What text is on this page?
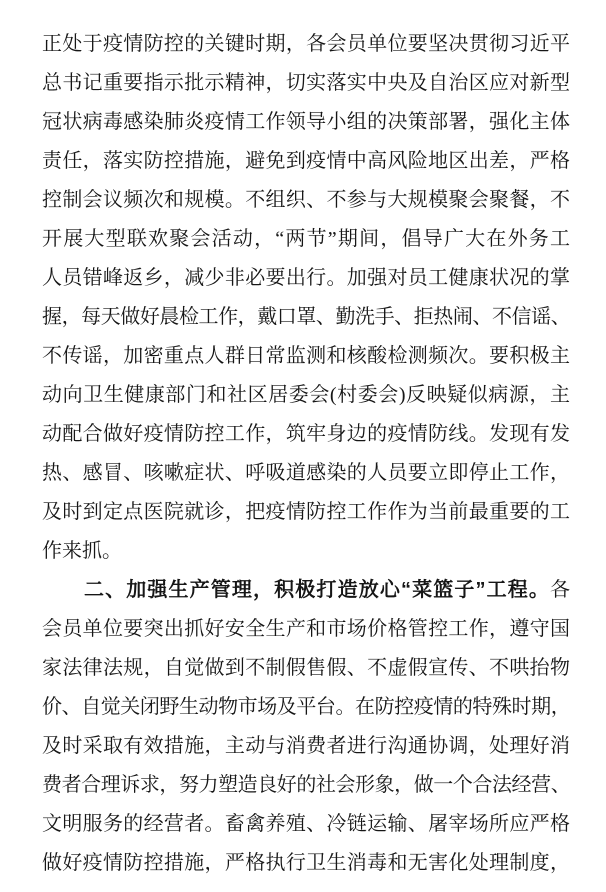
正处于疫情防控的关键时期，各会员单位要坚决贯彻习近平
总书记重要指示批示精神，切实落实中央及自治区应对新型
冠状病毒感染肺炎疫情工作领导小组的决策部署，强化主体
责任，落实防控措施，避免到疫情中高风险地区出差，严格
控制会议频次和规模。不组织、不参与大规模聚会聚餐，不
开展大型联欢聚会活动，“两节”期间，倡导广大在外务工
人员错峰返乡，减少非必要出行。加强对员工健康状况的掌
握，每天做好晨检工作，戴口罩、勤洗手、拒热闹、不信谣、
不传谣，加密重点人群日常监测和核酸检测频次。要积极主
动向卫生健康部门和社区居委会(村委会)反映疑似病源，主
动配合做好疫情防控工作，筑牢身边的疫情防线。发现有发
热、感冒、咳嗽症状、呼吸道感染的人员要立即停止工作，
及时到定点医院就诊，把疫情防控工作作为当前最重要的工
作来抓。
二、加强生产管理，积极打造放心“菜篮子”工程。各
会员单位要突出抓好安全生产和市场价格管控工作，遵守国
家法律法规，自觉做到不制假售假、不虚假宣传、不哄抬物
价、自觉关闭野生动物市场及平台。在防控疫情的特殊时期，
及时采取有效措施，主动与消费者进行沟通协调，处理好消
费者合理诉求，努力塑造良好的社会形象，做一个合法经营、
文明服务的经营者。畜禽养殖、冷链运输、屠宰场所应严格
做好疫情防控措施，严格执行卫生消毒和无害化处理制度，
